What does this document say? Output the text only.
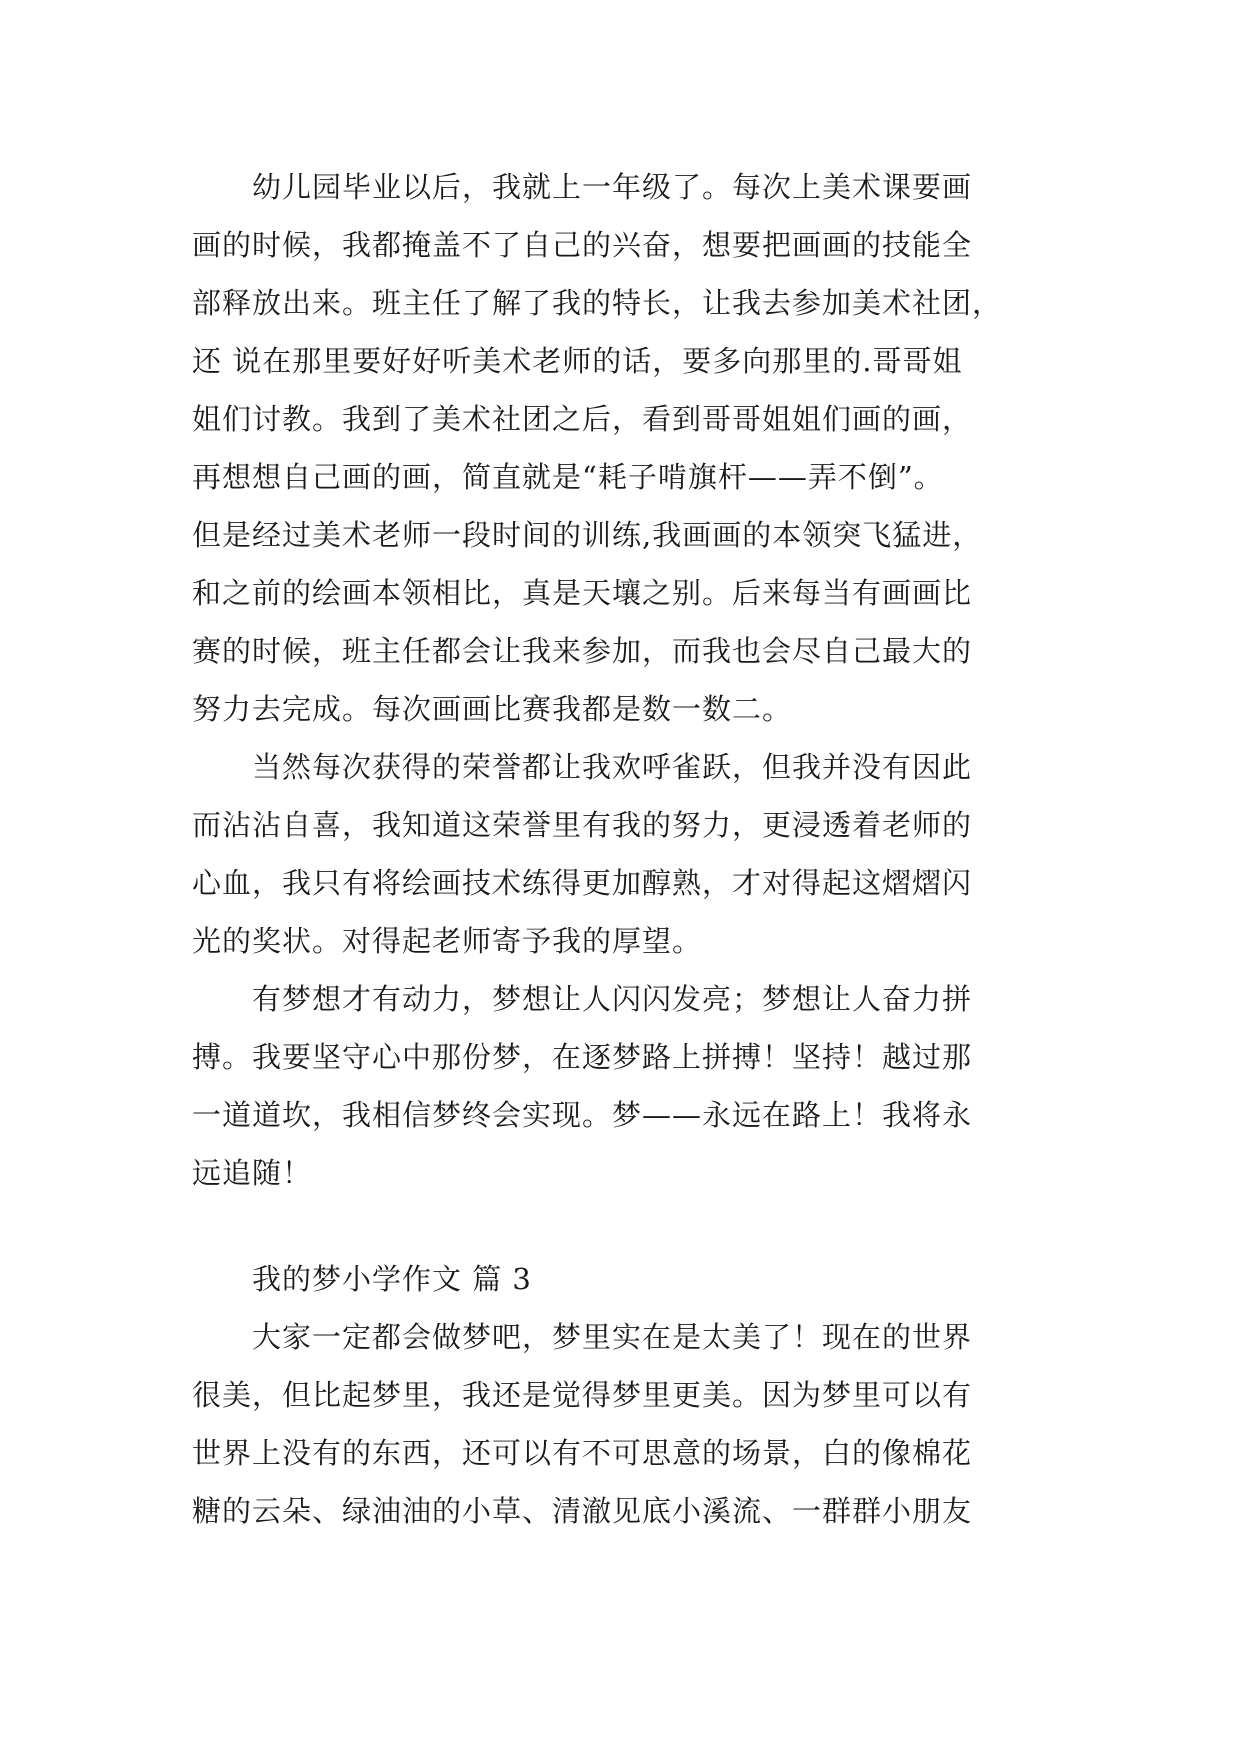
　　幼儿园毕业以后，我就上一年级了。每次上美术课要画
画的时候，我都掩盖不了自己的兴奋，想要把画画的技能全
部释放出来。班主任了解了我的特长，让我去参加美术社团，
还 说在那里要好好听美术老师的话，要多向那里的.哥哥姐
姐们讨教。我到了美术社团之后，看到哥哥姐姐们画的画，
再想想自己画的画，简直就是“耗子啃旗杆——弄不倒”。
但是经过美术老师一段时间的训练,我画画的本领突飞猛进，
和之前的绘画本领相比，真是天壤之别。后来每当有画画比
赛的时候，班主任都会让我来参加，而我也会尽自己最大的
努力去完成。每次画画比赛我都是数一数二。
　　当然每次获得的荣誉都让我欢呼雀跃，但我并没有因此
而沾沾自喜，我知道这荣誉里有我的努力，更浸透着老师的
心血，我只有将绘画技术练得更加醇熟，才对得起这熠熠闪
光的奖状。对得起老师寄予我的厚望。
　　有梦想才有动力，梦想让人闪闪发亮；梦想让人奋力拼
搏。我要坚守心中那份梦，在逐梦路上拼搏！坚持！越过那
一道道坎，我相信梦终会实现。梦——永远在路上！我将永
远追随！
我的梦小学作文 篇 3
　　大家一定都会做梦吧，梦里实在是太美了！现在的世界
很美，但比起梦里，我还是觉得梦里更美。因为梦里可以有
世界上没有的东西，还可以有不可思意的场景，白的像棉花
糖的云朵、绿油油的小草、清澈见底小溪流、一群群小朋友
